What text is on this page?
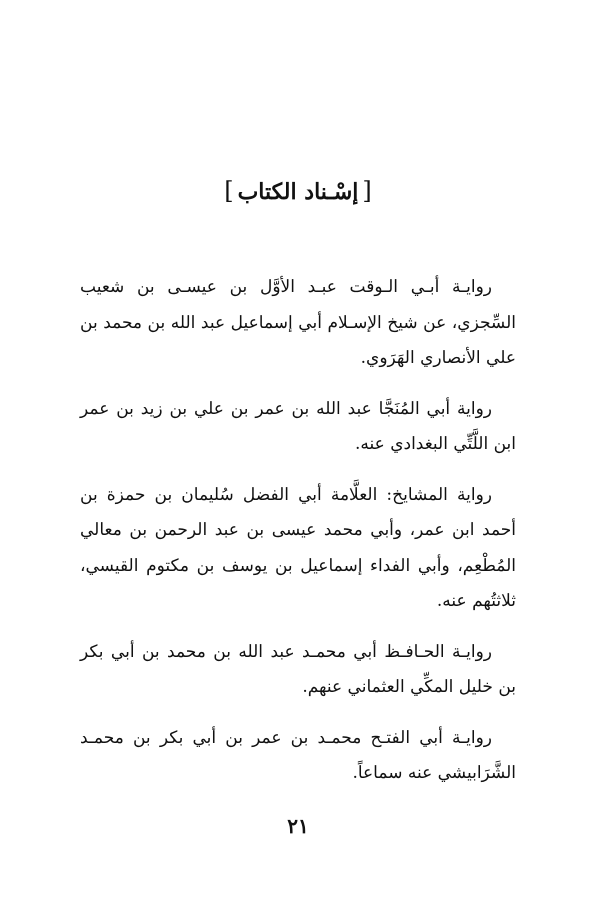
[إسْـناد الكتاب]

روايـة أبـي الـوقت عبـد الأوَّل بن عيسـى بن شعيب السِّجزي، عن شيخ الإسـلام أبي إسماعيل عبد الله بن محمد بن علي الأنصاري الهَرَوي.

رواية أبي المُنَجَّا عبد الله بن عمر بن علي بن زيد بن عمر ابن اللَّتِّي البغدادي عنه.

رواية المشايخ: العلَّامة أبي الفضل سُليمان بن حمزة بن أحمد ابن عمر، وأبي محمد عيسى بن عبد الرحمن بن معالي المُطْعِم، وأبي الفداء إسماعيل بن يوسف بن مكتوم القيسي، ثلاثتُهم عنه.

روايـة الحـافـظ أبي محمـد عبد الله بن محمد بن أبي بكر بن خليل المكِّي العثماني عنهم.

روايـة أبي الفتـح محمـد بن عمر بن أبي بكر بن محمـد الشَّرَابيشي عنه سماعاً.

٢١
